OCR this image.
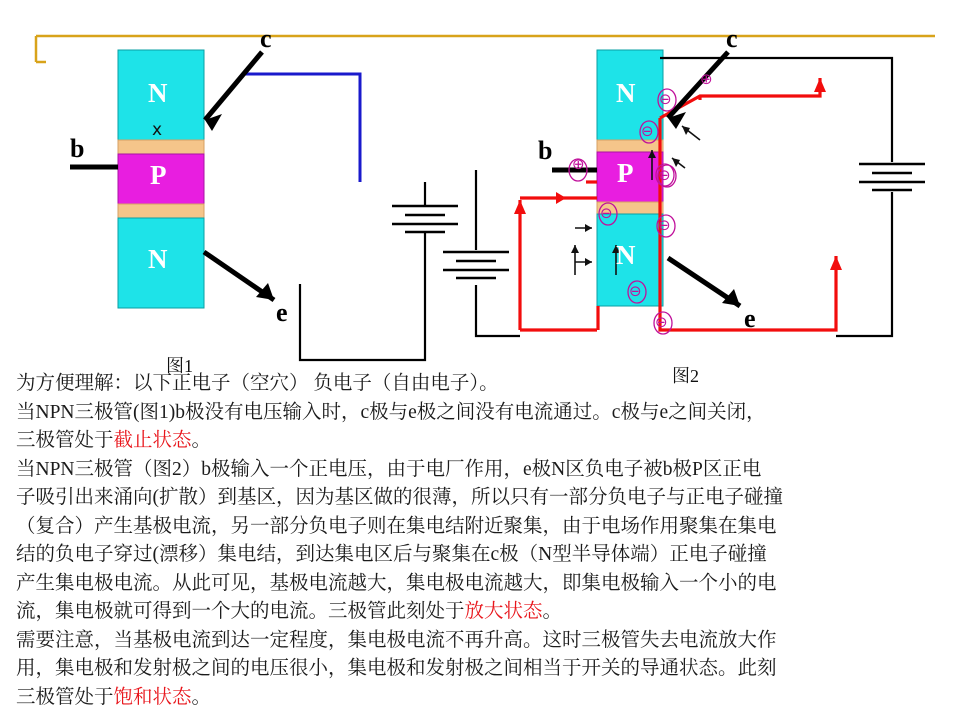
N
P
N
N
P
N
b
c
e
x
b
c
e
⊕
⊕
⊖
⊖
⊖
⊖
⊖
⊖
⊖
图1	图2
为方便理解：以下正电子（空穴） 负电子（自由电子）。
当NPN三极管(图1)b极没有电压输入时，c极与e极之间没有电流通过。c极与e之间关闭，
三极管处于截止状态。
当NPN三极管（图2）b极输入一个正电压，由于电厂作用，e极N区负电子被b极P区正电
子吸引出来涌向(扩散）到基区，因为基区做的很薄，所以只有一部分负电子与正电子碰撞
（复合）产生基极电流，另一部分负电子则在集电结附近聚集，由于电场作用聚集在集电
结的负电子穿过(漂移）集电结，到达集电区后与聚集在c极（N型半导体端）正电子碰撞
产生集电极电流。从此可见，基极电流越大，集电极电流越大，即集电极输入一个小的电
流，集电极就可得到一个大的电流。三极管此刻处于放大状态。
需要注意，当基极电流到达一定程度，集电极电流不再升高。这时三极管失去电流放大作
用，集电极和发射极之间的电压很小，集电极和发射极之间相当于开关的导通状态。此刻
三极管处于饱和状态。
